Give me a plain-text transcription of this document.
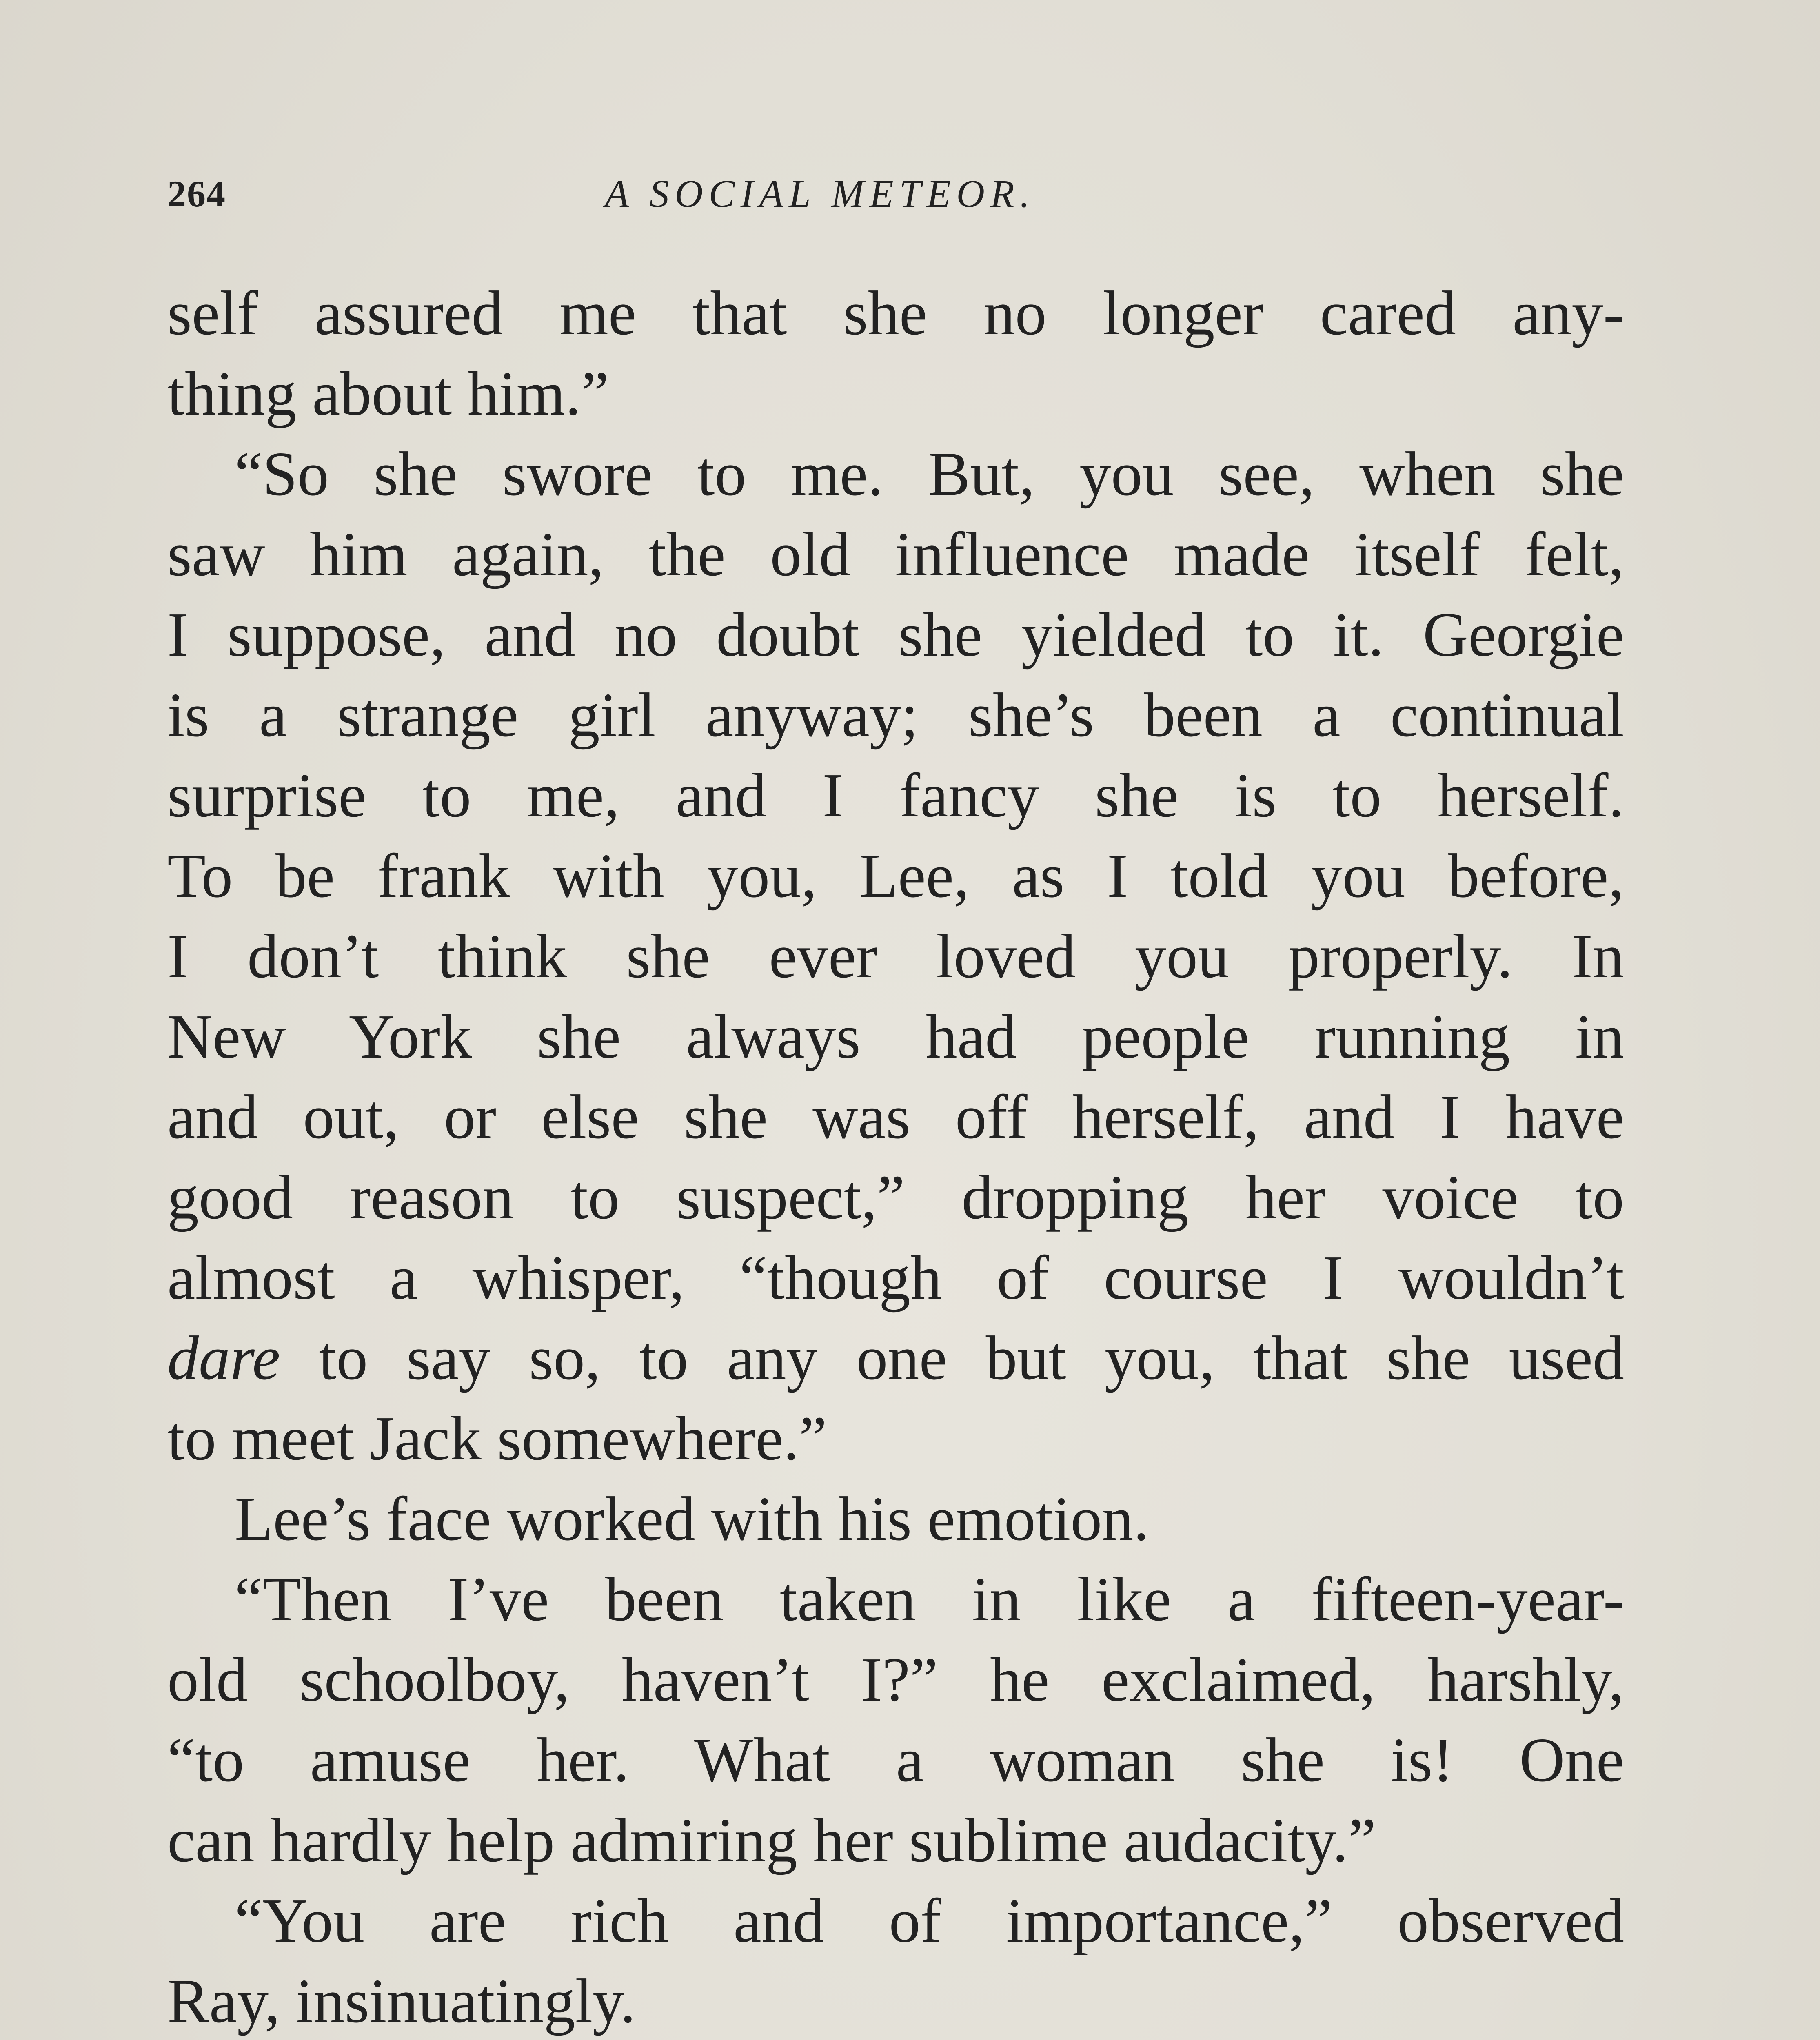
264	A SOCIAL METEOR.
self assured me that she no longer cared any-
thing about him.”
“So she swore to me. But, you see, when she
saw him again, the old influence made itself felt,
I suppose, and no doubt she yielded to it. Georgie
is a strange girl anyway; she’s been a continual
surprise to me, and I fancy she is to herself.
To be frank with you, Lee, as I told you before,
I don’t think she ever loved you properly. In
New York she always had people running in
and out, or else she was off herself, and I have
good reason to suspect,” dropping her voice to
almost a whisper, “though of course I wouldn’t
dare to say so, to any one but you, that she used
to meet Jack somewhere.”
Lee’s face worked with his emotion.
“Then I’ve been taken in like a fifteen-year-
old schoolboy, haven’t I?” he exclaimed, harshly,
“to amuse her. What a woman she is! One
can hardly help admiring her sublime audacity.”
“You are rich and of importance,” observed
Ray, insinuatingly.
